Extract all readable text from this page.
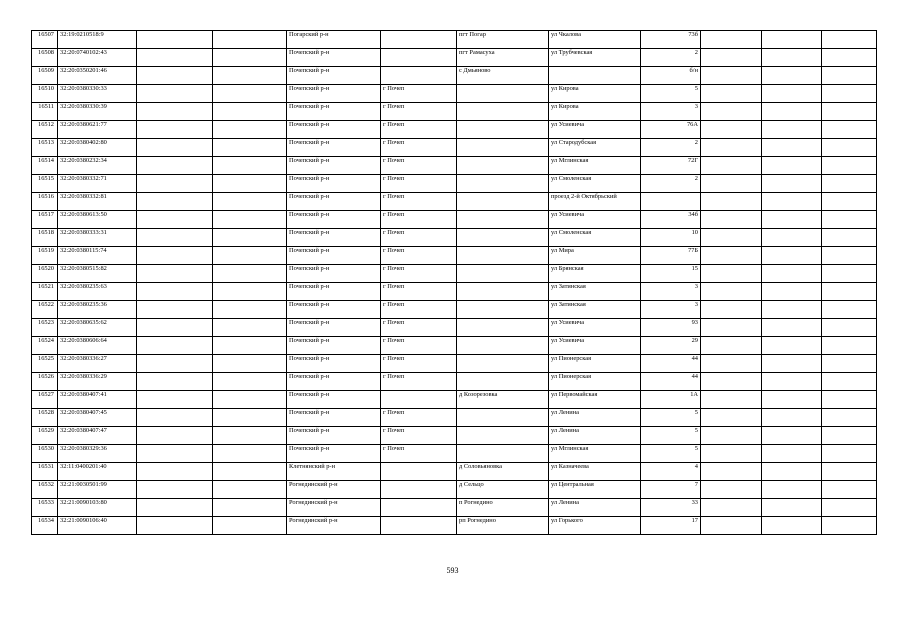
16507	32:19:0210518:9			Погарский р-н		пгт Погар	ул Чкалова	73б			
16508	32:20:0740102:43			Почепский р-н		пгт Рамасуха	ул Трубчевская	2			
16509	32:20:0350201:46			Почепский р-н		с Дмьяново		б/н			
16510	32:20:0380330:33			Почепский р-н	г Почеп		ул Кирова	5			
16511	32:20:0380330:39			Почепский р-н	г Почеп		ул Кирова	3			
16512	32:20:0380621:77			Почепский р-н	г Почеп		ул Усиевича	76А			
16513	32:20:0380402:80			Почепский р-н	г Почеп		ул Стародубская	2			
16514	32:20:0380232:34			Почепский р-н	г Почеп		ул Мглинская	72Г			
16515	32:20:0380332:71			Почепский р-н	г Почеп		ул Смоленская	2			
16516	32:20:0380332:81			Почепский р-н	г Почеп		проезд 2-й Октябрьский				
16517	32:20:0380613:50			Почепский р-н	г Почеп		ул Усиевича	34б			
16518	32:20:0380333:31			Почепский р-н	г Почеп		ул Смоленская	10			
16519	32:20:0380115:74			Почепский р-н	г Почеп		ул Мира	77Б			
16520	32:20:0380515:82			Почепский р-н	г Почеп		ул Брянская	15			
16521	32:20:0380235:63			Почепский р-н	г Почеп		ул Затинская	3			
16522	32:20:0380235:36			Почепский р-н	г Почеп		ул Затинская	3			
16523	32:20:0380635:62			Почепский р-н	г Почеп		ул Усиевича	93			
16524	32:20:0380606:64			Почепский р-н	г Почеп		ул Усиевича	29			
16525	32:20:0380336:27			Почепский р-н	г Почеп		ул Пионерская	44			
16526	32:20:0380336:29			Почепский р-н	г Почеп		ул Пионерская	44			
16527	32:20:0380407:41			Почепский р-н		д Козорезовка	ул Первомайская	1А			
16528	32:20:0380407:45			Почепский р-н	г Почеп		ул Ленина	5			
16529	32:20:0380407:47			Почепский р-н	г Почеп		ул Ленина	5			
16530	32:20:0380329:36			Почепский р-н	г Почеп		ул Мглинская	5			
16531	32:11:0400201:40			Клетнянский р-н		д Соловьяновка	ул Казначеева	4			
16532	32:21:0030501:99			Рогнединский р-н		д Сельцо	ул Центральная	7			
16533	32:21:0090103:80			Рогнединский р-н		п Рогнедино	ул Ленина	33			
16534	32:21:0090106:40			Рогнединский р-н		рп Рогнедино	ул Горького	17			
593
